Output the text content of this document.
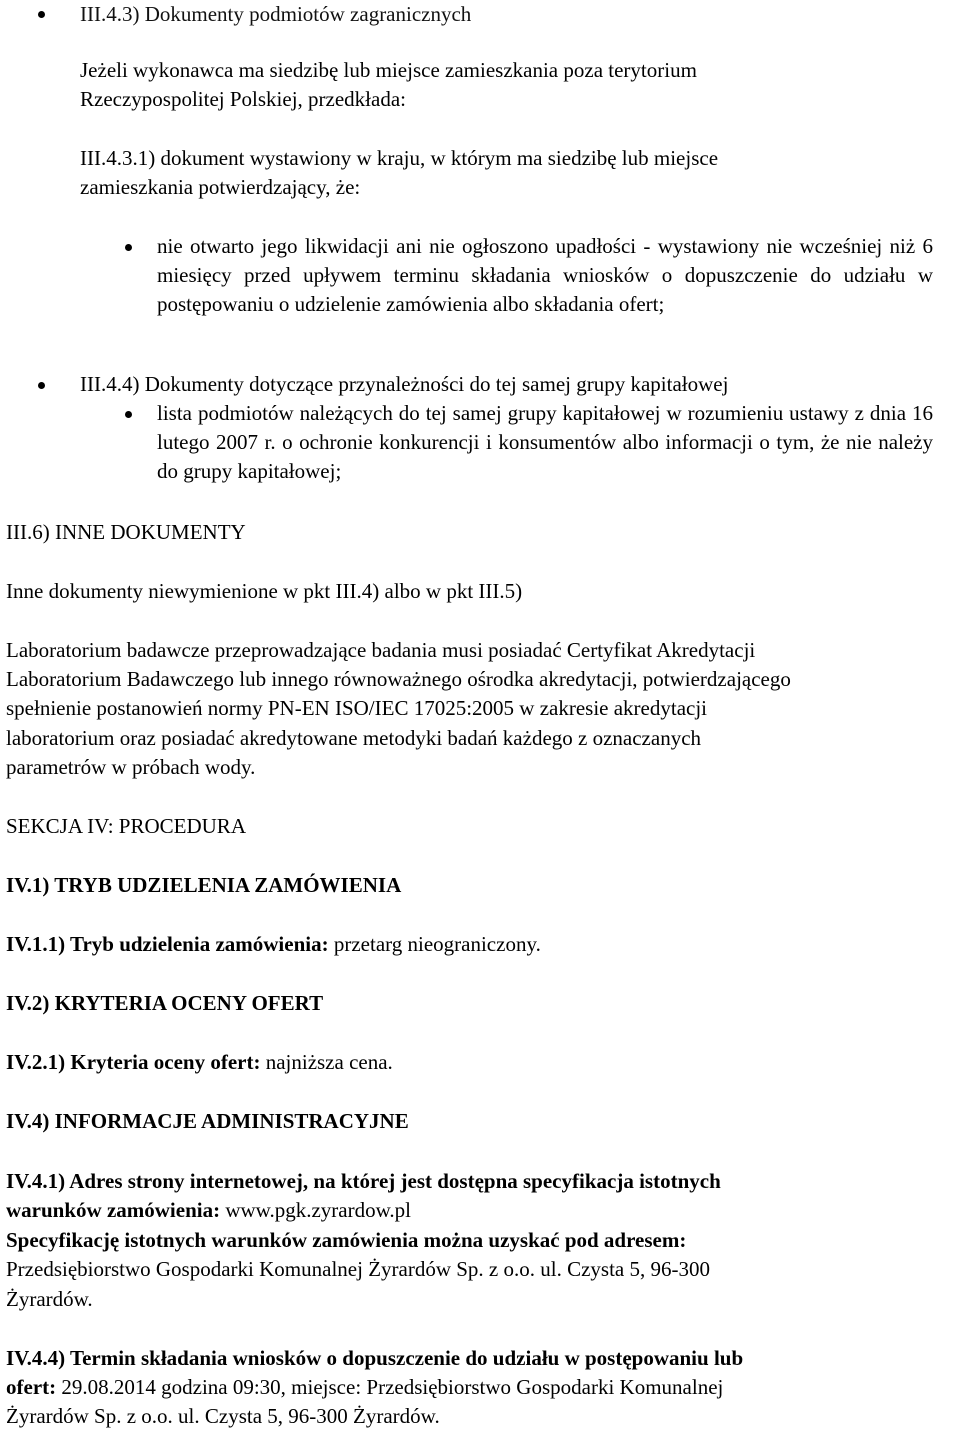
III.4.3) Dokumenty podmiotów zagranicznych
Jeżeli wykonawca ma siedzibę lub miejsce zamieszkania poza terytorium
Rzeczypospolitej Polskiej, przedkłada:
III.4.3.1) dokument wystawiony w kraju, w którym ma siedzibę lub miejsce
zamieszkania potwierdzający, że:
nie otwarto jego likwidacji ani nie ogłoszono upadłości - wystawiony nie wcześniej niż 6 miesięcy przed upływem terminu składania wniosków o dopuszczenie do udziału w postępowaniu o udzielenie zamówienia albo składania ofert;
III.4.4) Dokumenty dotyczące przynależności do tej samej grupy kapitałowej
lista podmiotów należących do tej samej grupy kapitałowej w rozumieniu ustawy z dnia 16 lutego 2007 r. o ochronie konkurencji i konsumentów albo informacji o tym, że nie należy do grupy kapitałowej;
III.6) INNE DOKUMENTY
Inne dokumenty niewymienione w pkt III.4) albo w pkt III.5)
Laboratorium badawcze przeprowadzające badania musi posiadać Certyfikat Akredytacji
Laboratorium Badawczego lub innego równoważnego ośrodka akredytacji, potwierdzającego
spełnienie postanowień normy PN-EN ISO/IEC 17025:2005 w zakresie akredytacji
laboratorium oraz posiadać akredytowane metodyki badań każdego z oznaczanych
parametrów w próbach wody.
SEKCJA IV: PROCEDURA
IV.1) TRYB UDZIELENIA ZAMÓWIENIA
IV.1.1) Tryb udzielenia zamówienia: przetarg nieograniczony.
IV.2) KRYTERIA OCENY OFERT
IV.2.1) Kryteria oceny ofert: najniższa cena.
IV.4) INFORMACJE ADMINISTRACYJNE
IV.4.1) Adres strony internetowej, na której jest dostępna specyfikacja istotnych
warunków zamówienia: www.pgk.zyrardow.pl
Specyfikację istotnych warunków zamówienia można uzyskać pod adresem:
Przedsiębiorstwo Gospodarki Komunalnej Żyrardów Sp. z o.o. ul. Czysta 5, 96-300
Żyrardów.
IV.4.4) Termin składania wniosków o dopuszczenie do udziału w postępowaniu lub
ofert: 29.08.2014 godzina 09:30, miejsce: Przedsiębiorstwo Gospodarki Komunalnej
Żyrardów Sp. z o.o. ul. Czysta 5, 96-300 Żyrardów.
